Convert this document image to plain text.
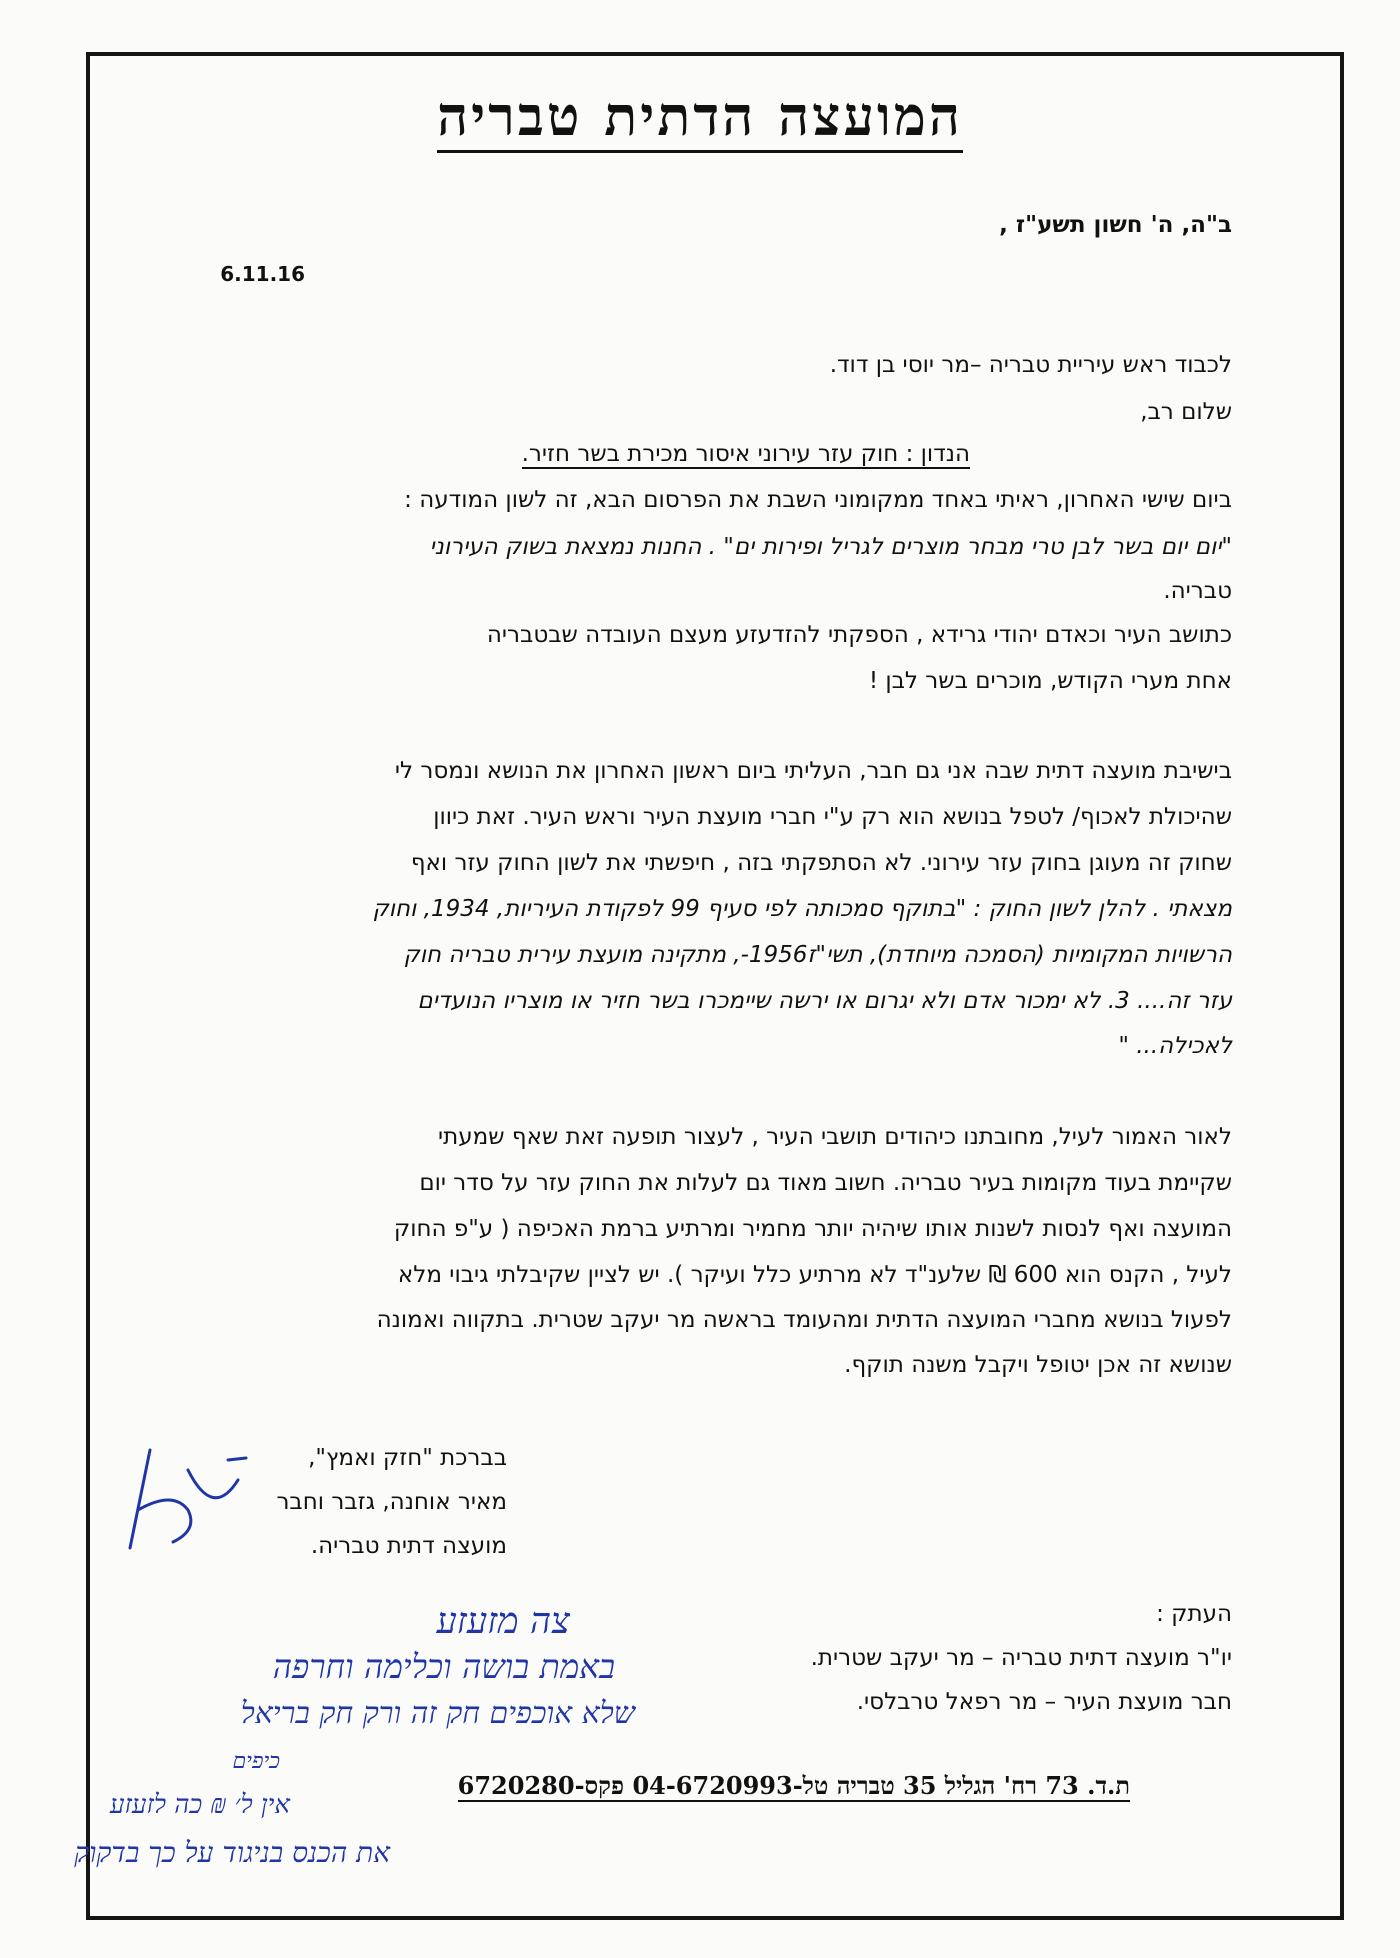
המועצה הדתית טבריה
ב"ה, ה' חשון תשע"ז ,
6.11.16
לכבוד ראש עיריית טבריה –מר יוסי בן דוד.
שלום רב,
הנדון : חוק עזר עירוני איסור מכירת בשר חזיר.
ביום שישי האחרון, ראיתי באחד ממקומוני השבת את הפרסום הבא, זה לשון המודעה :
"יום יום בשר לבן טרי מבחר מוצרים לגריל ופירות ים" . החנות נמצאת בשוק העירוני
טבריה.
כתושב העיר וכאדם יהודי גרידא , הספקתי להזדעזע מעצם העובדה שבטבריה
אחת מערי הקודש, מוכרים בשר לבן !
בישיבת מועצה דתית שבה אני גם חבר, העליתי ביום ראשון האחרון את הנושא ונמסר לי
שהיכולת לאכוף/ לטפל בנושא הוא רק ע"י חברי מועצת העיר וראש העיר. זאת כיוון
שחוק זה מעוגן בחוק עזר עירוני. לא הסתפקתי בזה , חיפשתי את לשון החוק עזר ואף
מצאתי . להלן לשון החוק : "בתוקף סמכותה לפי סעיף 99 לפקודת העיריות, 1934, וחוק
הרשויות המקומיות (הסמכה מיוחדת), תשי"ז1956-, מתקינה מועצת עירית טבריה חוק
עזר זה.... 3. לא ימכור אדם ולא יגרום או ירשה שיימכרו בשר חזיר או מוצריו הנועדים
לאכילה... "
לאור האמור לעיל, מחובתנו כיהודים תושבי העיר , לעצור תופעה זאת שאף שמעתי
שקיימת בעוד מקומות בעיר טבריה. חשוב מאוד גם לעלות את החוק עזר על סדר יום
המועצה ואף לנסות לשנות אותו שיהיה יותר מחמיר ומרתיע ברמת האכיפה ( ע"פ החוק
לעיל , הקנס הוא 600 ₪ שלענ"ד לא מרתיע כלל ועיקר ). יש לציין שקיבלתי גיבוי מלא
לפעול בנושא מחברי המועצה הדתית ומהעומד בראשה מר יעקב שטרית. בתקווה ואמונה
שנושא זה אכן יטופל ויקבל משנה תוקף.
בברכת "חזק ואמץ",
מאיר אוחנה, גזבר וחבר
מועצה דתית טבריה.
העתק :
יו"ר מועצה דתית טבריה – מר יעקב שטרית.
חבר מועצת העיר – מר רפאל טרבלסי.
ת.ד. 73 רח' הגליל 35 טבריה טל-04-6720993 פקס-6720280
צה מזעזע
באמת בושה וכלימה וחרפה
שלא אוכפים חק זה ורק חק בריאל
כיפים
אין ל׳ ₪ כה לזעזע
את הכנס בניגוד על כך בדקוק
